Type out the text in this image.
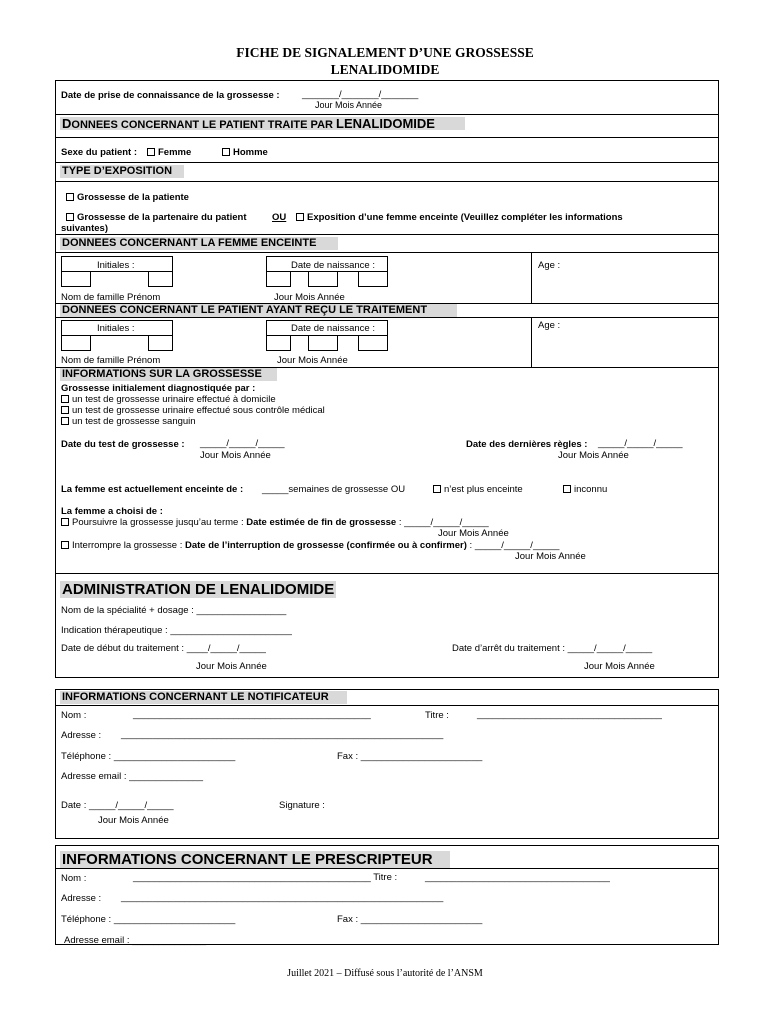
FICHE DE SIGNALEMENT D’UNE GROSSESSE
LENALIDOMIDE
Date de prise de connaissance de la grossesse : _______/_______/_______
Jour Mois Année
DONNEES CONCERNANT LE PATIENT TRAITE PAR LENALIDOMIDE
Sexe du patient :	Femme	Homme
TYPE D’EXPOSITION
Grossesse de la patiente
Grossesse de la partenaire du patient	OU	Exposition d’une femme enceinte (Veuillez compléter les informations
suivantes)
DONNEES CONCERNANT LA FEMME ENCEINTE
Initiales :	Date de naissance :	Age :
Nom de famille Prénom	Jour Mois Année
DONNEES CONCERNANT LE PATIENT AYANT REÇU LE TRAITEMENT
Initiales :	Date de naissance :	Age :
Nom de famille Prénom	Jour Mois Année
INFORMATIONS SUR LA GROSSESSE
Grossesse initialement diagnostiquée par :
un test de grossesse urinaire effectué à domicile
un test de grossesse urinaire effectué sous contrôle médical
un test de grossesse sanguin
Date du test de grossesse : _____/_____/_____
Jour Mois Année
Date des dernières règles : _____/_____/_____
Jour Mois Année
La femme est actuellement enceinte de : _____semaines de grossesse OU	n’est plus enceinte	inconnu
La femme a choisi de :
Poursuivre la grossesse jusqu’au terme : Date estimée de fin de grossesse : _____/_____/_____
Jour Mois Année
Interrompre la grossesse : Date de l’interruption de grossesse (confirmée ou à confirmer) : _____/_____/_____
Jour Mois Année
ADMINISTRATION DE LENALIDOMIDE
Nom de la spécialité + dosage : _________________
Indication thérapeutique : _______________________
Date de début du traitement : ____/_____/_____
Jour Mois Année
Date d’arrêt du traitement : _____/_____/_____
Jour Mois Année
INFORMATIONS CONCERNANT LE NOTIFICATEUR
Nom :	_____________________________________________	Titre :	___________________________________
Adresse : _____________________________________________________________
Téléphone : _______________________	Fax : _______________________
Adresse email : ______________
Date : _____/_____/_____
Jour Mois Année
Signature :
INFORMATIONS CONCERNANT LE PRESCRIPTEUR
Nom :	_____________________________________________ Titre :	___________________________________
Adresse : _____________________________________________________________
Téléphone : _______________________	Fax : _______________________
Adresse email : ______________
Juillet 2021 – Diffusé sous l’autorité de l’ANSM
